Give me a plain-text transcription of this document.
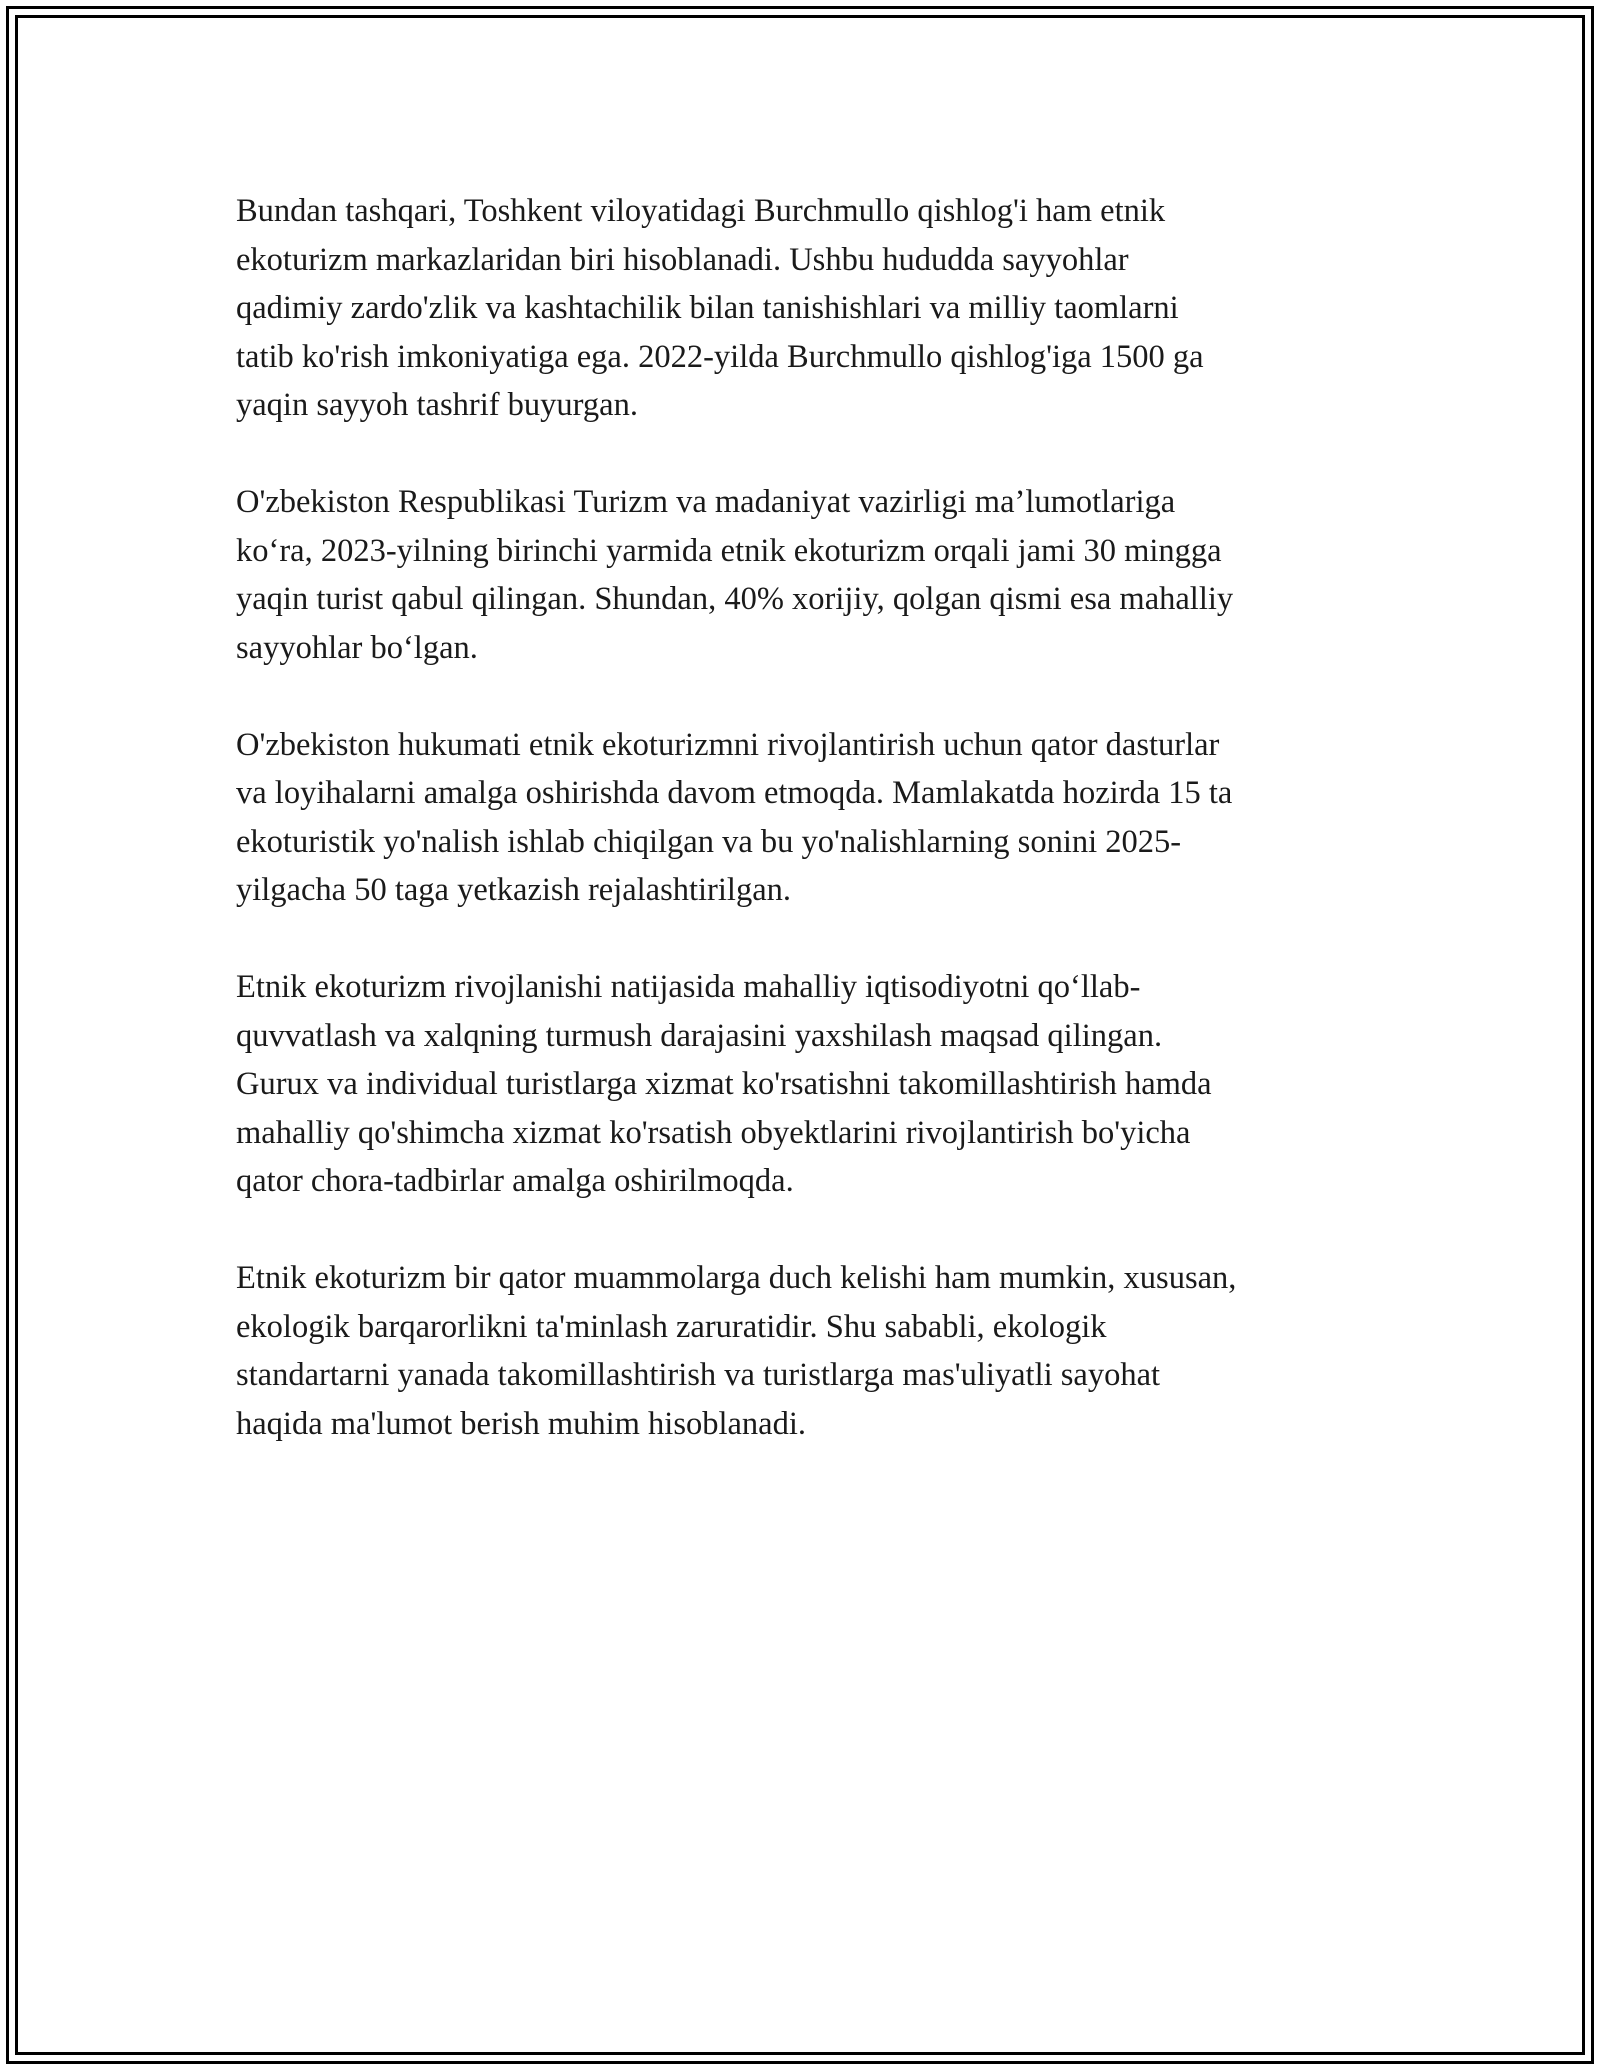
Bundan tashqari, Toshkent viloyatidagi Burchmullo qishlog'i ham etnik
ekoturizm markazlaridan biri hisoblanadi. Ushbu hududda sayyohlar
qadimiy zardo'zlik va kashtachilik bilan tanishishlari va milliy taomlarni
tatib ko'rish imkoniyatiga ega. 2022-yilda Burchmullo qishlog'iga 1500 ga
yaqin sayyoh tashrif buyurgan.

O'zbekiston Respublikasi Turizm va madaniyat vazirligi ma’lumotlariga
ko‘ra, 2023-yilning birinchi yarmida etnik ekoturizm orqali jami 30 mingga
yaqin turist qabul qilingan. Shundan, 40% xorijiy, qolgan qismi esa mahalliy
sayyohlar bo‘lgan.

O'zbekiston hukumati etnik ekoturizmni rivojlantirish uchun qator dasturlar
va loyihalarni amalga oshirishda davom etmoqda. Mamlakatda hozirda 15 ta
ekoturistik yo'nalish ishlab chiqilgan va bu yo'nalishlarning sonini 2025-
yilgacha 50 taga yetkazish rejalashtirilgan.

Etnik ekoturizm rivojlanishi natijasida mahalliy iqtisodiyotni qo‘llab-
quvvatlash va xalqning turmush darajasini yaxshilash maqsad qilingan.
Gurux va individual turistlarga xizmat ko'rsatishni takomillashtirish hamda
mahalliy qo'shimcha xizmat ko'rsatish obyektlarini rivojlantirish bo'yicha
qator chora-tadbirlar amalga oshirilmoqda.

Etnik ekoturizm bir qator muammolarga duch kelishi ham mumkin, xususan,
ekologik barqarorlikni ta'minlash zaruratidir. Shu sababli, ekologik
standartarni yanada takomillashtirish va turistlarga mas'uliyatli sayohat
haqida ma'lumot berish muhim hisoblanadi.
